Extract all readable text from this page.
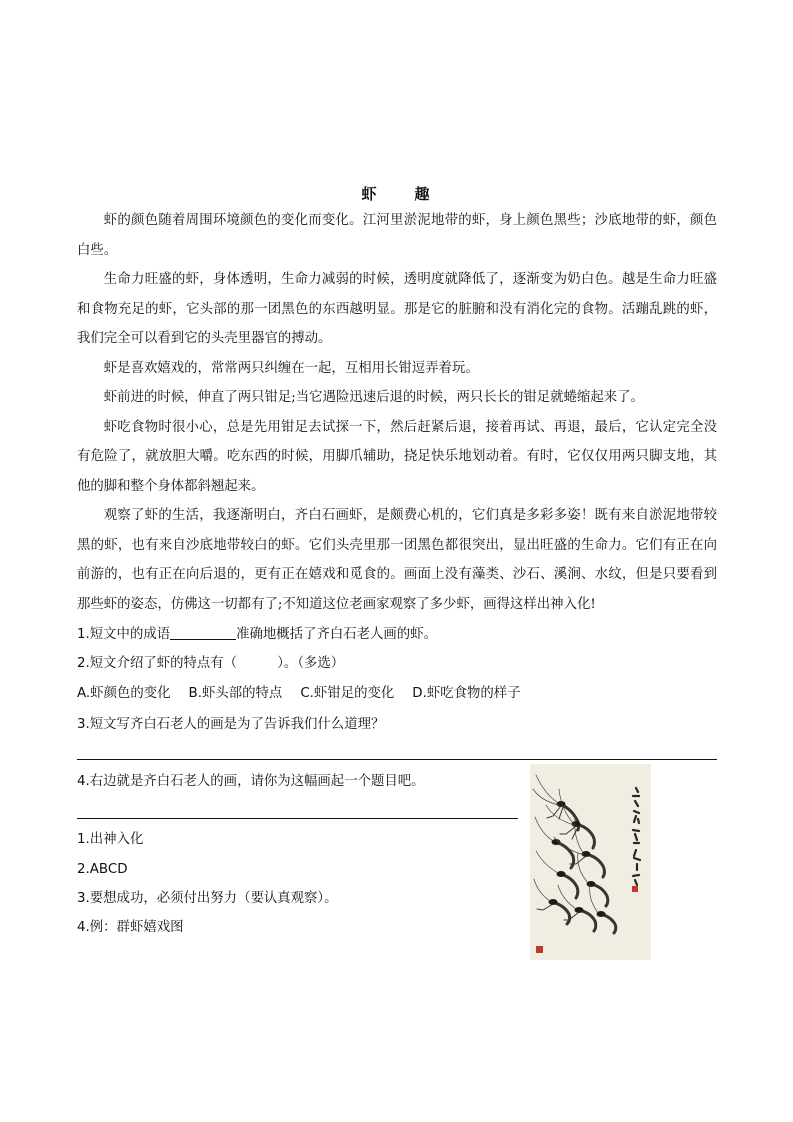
虾 趣

虾的颜色随着周围环境颜色的变化而变化。江河里淤泥地带的虾，身上颜色黑些；沙底地带的虾，颜色白些。

生命力旺盛的虾，身体透明，生命力减弱的时候，透明度就降低了，逐渐变为奶白色。越是生命力旺盛和食物充足的虾，它头部的那一团黑色的东西越明显。那是它的脏腑和没有消化完的食物。活蹦乱跳的虾，我们完全可以看到它的头壳里器官的搏动。

虾是喜欢嬉戏的，常常两只纠缠在一起，互相用长钳逗弄着玩。

虾前进的时候，伸直了两只钳足;当它遇险迅速后退的时候，两只长长的钳足就蜷缩起来了。

虾吃食物时很小心，总是先用钳足去试探一下，然后赶紧后退，接着再试、再退，最后，它认定完全没有危险了，就放胆大嚼。吃东西的时候，用脚爪辅助，挠足快乐地划动着。有时，它仅仅用两只脚支地，其他的脚和整个身体都斜翘起来。

观察了虾的生活，我逐渐明白，齐白石画虾，是颇费心机的，它们真是多彩多姿！既有来自淤泥地带较黑的虾，也有来自沙底地带较白的虾。它们头壳里那一团黑色都很突出，显出旺盛的生命力。它们有正在向前游的，也有正在向后退的，更有正在嬉戏和觅食的。画面上没有藻类、沙石、溪涧、水纹，但是只要看到那些虾的姿态，仿佛这一切都有了;不知道这位老画家观察了多少虾，画得这样出神入化!

1.短文中的成语	准确地概括了齐白石老人画的虾。
2.短文介绍了虾的特点有（　　　）。（多选）
A.虾颜色的变化 B.虾头部的特点 C.虾钳足的变化 D.虾吃食物的样子
3.短文写齐白石老人的画是为了告诉我们什么道理？
4.右边就是齐白石老人的画，请你为这幅画起一个题目吧。
1.出神入化
2.ABCD
3.要想成功，必须付出努力（要认真观察）。
4.例：群虾嬉戏图
